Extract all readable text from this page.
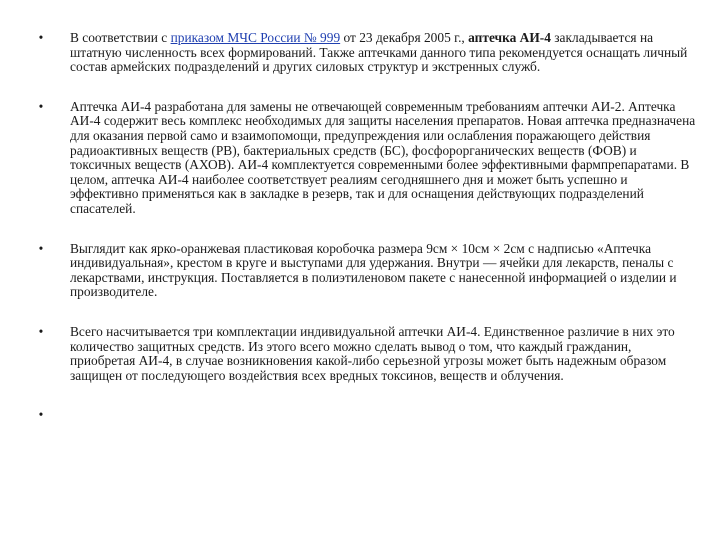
• В соответствии с приказом МЧС России № 999 от 23 декабря 2005 г., аптечка АИ-4 закладывается на штатную численность всех формирований. Также аптечками данного типа рекомендуется оснащать личный состав армейских подразделений и других силовых структур и экстренных служб.
• Аптечка АИ-4 разработана для замены не отвечающей современным требованиям аптечки АИ-2. Аптечка АИ-4 содержит весь комплекс необходимых для защиты населения препаратов. Новая аптечка предназначена для оказания первой само и взаимопомощи, предупреждения или ослабления поражающего действия радиоактивных веществ (РВ), бактериальных средств (БС), фосфорорганических веществ (ФОВ) и токсичных веществ (АХОВ). АИ-4 комплектуется современными более эффективными фармпрепаратами. В целом, аптечка АИ-4 наиболее соответствует реалиям сегодняшнего дня и может быть успешно и эффективно применяться как в закладке в резерв, так и для оснащения действующих подразделений спасателей.
• Выглядит как ярко-оранжевая пластиковая коробочка размера 9см × 10см × 2см с надписью «Аптечка индивидуальная», крестом в круге и выступами для удержания. Внутри — ячейки для лекарств, пеналы с лекарствами, инструкция. Поставляется в полиэтиленовом пакете с нанесенной информацией о изделии и производителе.
• Всего насчитывается три комплектации индивидуальной аптечки АИ-4. Единственное различие в них это количество защитных средств. Из этого всего можно сделать вывод о том, что каждый гражданин, приобретая АИ-4, в случае возникновения какой-либо серьезной угрозы может быть надежным образом защищен от последующего воздействия всех вредных токсинов, веществ и облучения.
•
